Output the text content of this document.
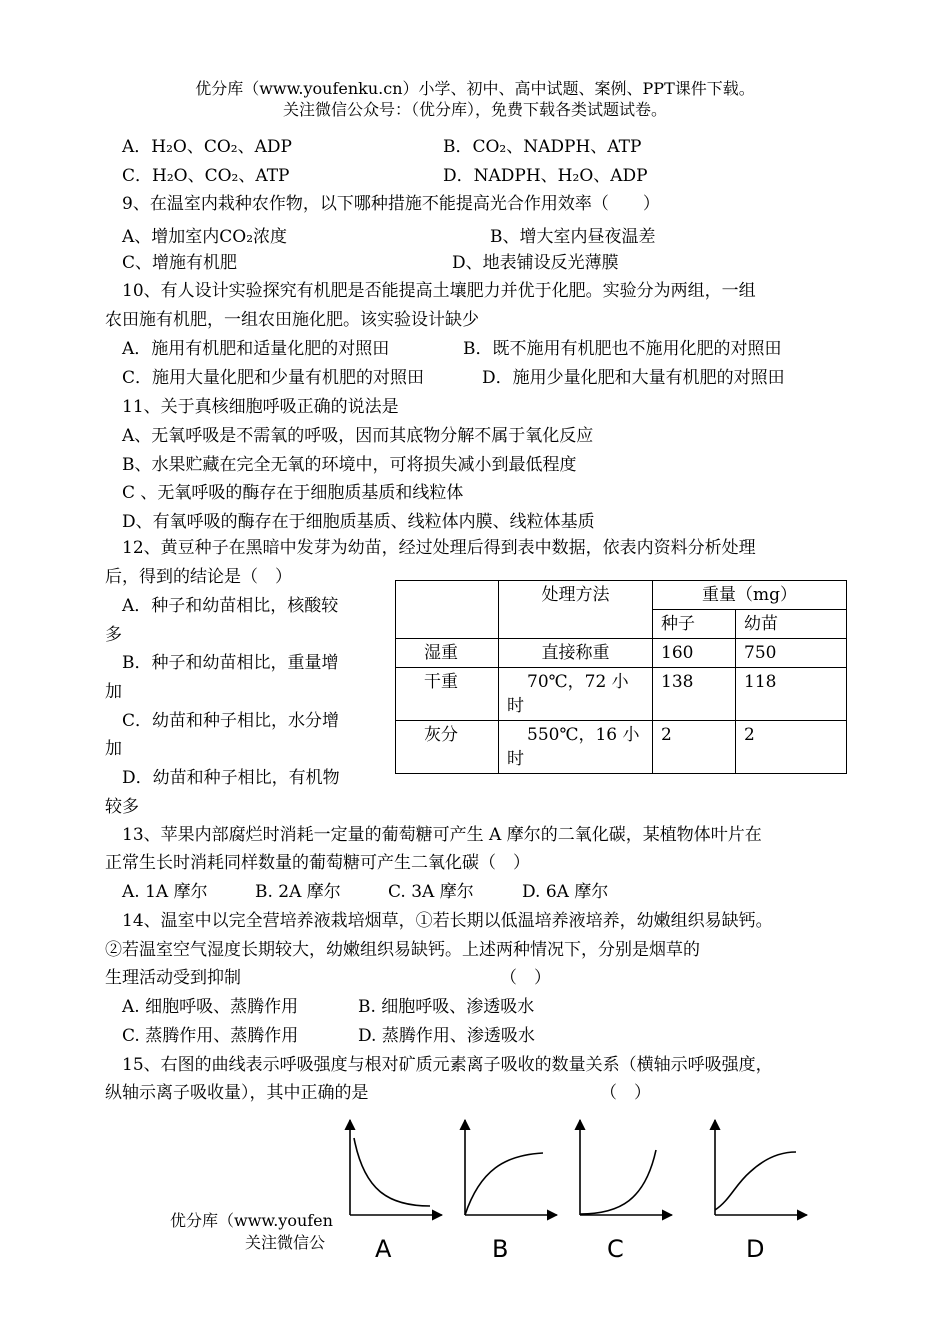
优分库（www.youfenku.cn）小学、初中、高中试题、案例、PPT课件下载。
关注微信公众号：（优分库），免费下载各类试题试卷。
A．H₂O、CO₂、ADP	B．CO₂、NADPH、ATP
C．H₂O、CO₂、ATP	D．NADPH、H₂O、ADP
9、在温室内栽种农作物，以下哪种措施不能提高光合作用效率（　　）
A、增加室内CO₂浓度	B、增大室内昼夜温差
C、增施有机肥	D、地表铺设反光薄膜
10、有人设计实验探究有机肥是否能提高土壤肥力并优于化肥。实验分为两组，一组
农田施有机肥，一组农田施化肥。该实验设计缺少
A．施用有机肥和适量化肥的对照田	B．既不施用有机肥也不施用化肥的对照田
C．施用大量化肥和少量有机肥的对照田	D．施用少量化肥和大量有机肥的对照田
11、关于真核细胞呼吸正确的说法是
A、无氧呼吸是不需氧的呼吸，因而其底物分解不属于氧化反应
B、水果贮藏在完全无氧的环境中，可将损失减小到最低程度
C 、无氧呼吸的酶存在于细胞质基质和线粒体
D、有氧呼吸的酶存在于细胞质基质、线粒体内膜、线粒体基质
12、黄豆种子在黑暗中发芽为幼苗，经过处理后得到表中数据，依表内资料分析处理
后，得到的结论是（　）
A．种子和幼苗相比，核酸较
多
B．种子和幼苗相比，重量增
加
C．幼苗和种子相比，水分增
加
D．幼苗和种子相比，有机物
较多
	处理方法	重量（mg）	
		种子	幼苗
湿重	直接称重	160	750
干重	70℃，72 小
时	138	118
灰分	550℃，16 小
时	2	2
13、苹果内部腐烂时消耗一定量的葡萄糖可产生 A 摩尔的二氧化碳，某植物体叶片在
正常生长时消耗同样数量的葡萄糖可产生二氧化碳（　）
A. 1A 摩尔	B. 2A 摩尔	C. 3A 摩尔	D. 6A 摩尔
14、温室中以完全营培养液栽培烟草，①若长期以低温培养液培养，幼嫩组织易缺钙。
②若温室空气湿度长期较大，幼嫩组织易缺钙。上述两种情况下，分别是烟草的
生理活动受到抑制	（　）
A. 细胞呼吸、蒸腾作用	B. 细胞呼吸、渗透吸水
C. 蒸腾作用、蒸腾作用	D. 蒸腾作用、渗透吸水
15、右图的曲线表示呼吸强度与根对矿质元素离子吸收的数量关系（横轴示呼吸强度，
纵轴示离子吸收量），其中正确的是	（　）
A	B	C	D
优分库（www.youfen
关注微信公
